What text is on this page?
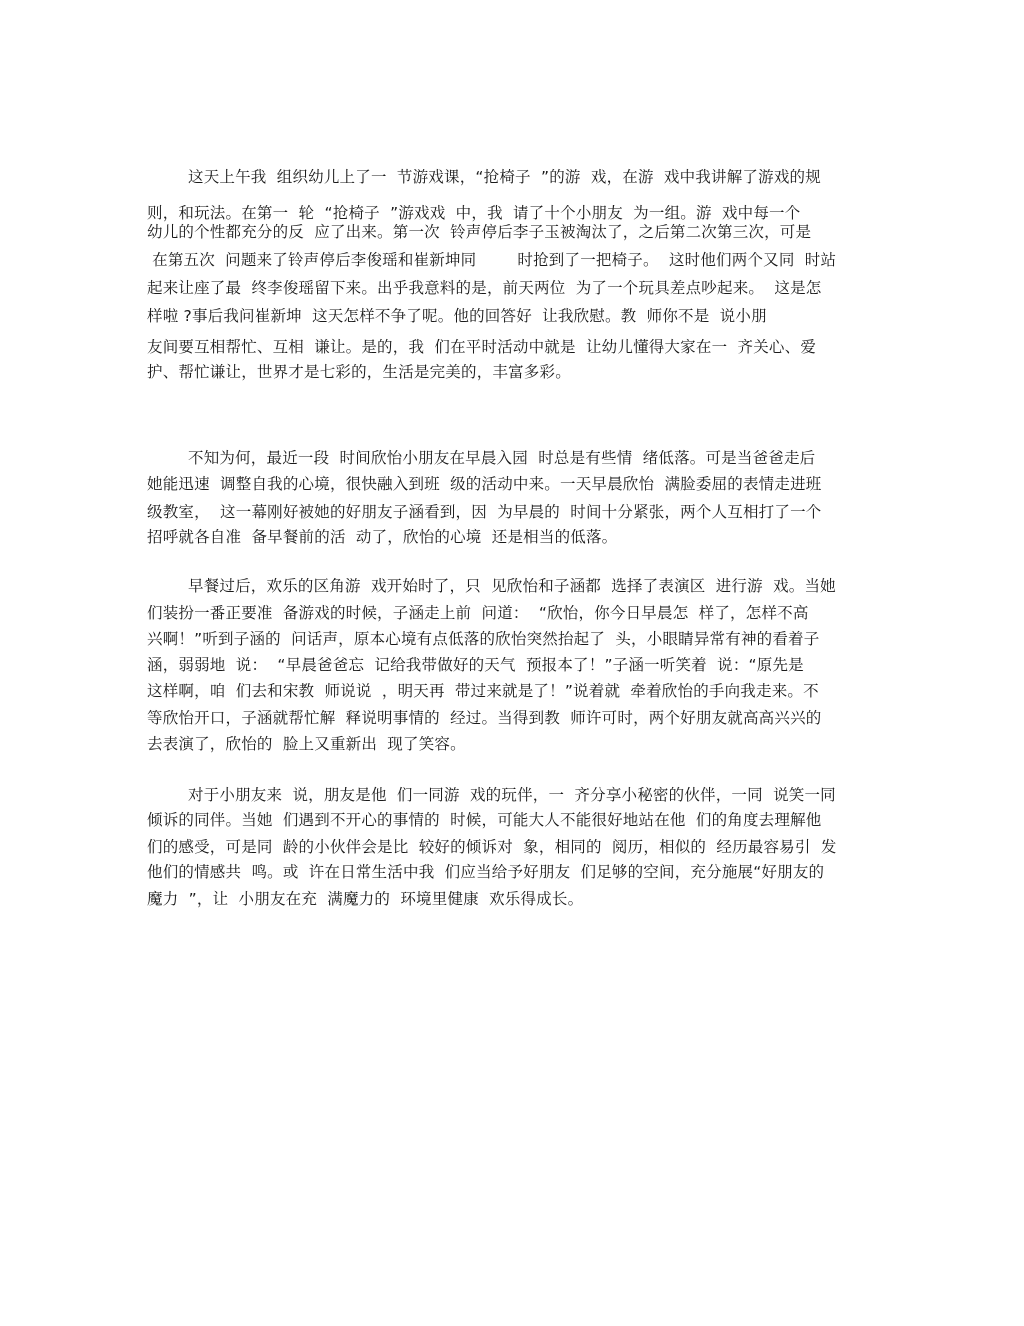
这天上午我  组织幼儿上了一  节游戏课，“抢椅子  ”的游  戏，在游  戏中我讲解了游戏的规
则，和玩法。在第一  轮  “抢椅子  ”游戏戏  中，我  请了十个小朋友  为一组。游  戏中每一个
幼儿的个性都充分的反  应了出来。第一次  铃声停后李子玉被淘汰了，之后第二次第三次，可是
在第五次  问题来了铃声停后李俊瑶和崔新坤同        时抢到了一把椅子。  这时他们两个又同  时站
起来让座了最  终李俊瑶留下来。出乎我意料的是，前天两位  为了一个玩具差点吵起来。  这是怎
样啦 ?事后我问崔新坤  这天怎样不争了呢。他的回答好  让我欣慰。教  师你不是  说小朋
友间要互相帮忙、互相  谦让。是的，我  们在平时活动中就是  让幼儿懂得大家在一  齐关心、爱
护、帮忙谦让，世界才是七彩的，生活是完美的，丰富多彩。
不知为何，最近一段  时间欣怡小朋友在早晨入园  时总是有些情  绪低落。可是当爸爸走后
她能迅速  调整自我的心境，很快融入到班  级的活动中来。一天早晨欣怡  满脸委屈的表情走进班
级教室，  这一幕刚好被她的好朋友子涵看到，因  为早晨的  时间十分紧张，两个人互相打了一个
招呼就各自准  备早餐前的活  动了，欣怡的心境  还是相当的低落。
早餐过后，欢乐的区角游  戏开始时了，只  见欣怡和子涵都  选择了表演区  进行游  戏。当她
们装扮一番正要准  备游戏的时候，子涵走上前  问道：  “欣怡，你今日早晨怎  样了，怎样不高
兴啊！”听到子涵的  问话声，原本心境有点低落的欣怡突然抬起了  头，小眼睛异常有神的看着子
涵，弱弱地  说：  “早晨爸爸忘  记给我带做好的天气  预报本了！”子涵一听笑着  说：“原先是
这样啊，咱  们去和宋教  师说说  ，明天再  带过来就是了！”说着就  牵着欣怡的手向我走来。不
等欣怡开口，子涵就帮忙解  释说明事情的  经过。当得到教  师许可时，两个好朋友就高高兴兴的
去表演了，欣怡的  脸上又重新出  现了笑容。
对于小朋友来  说，朋友是他  们一同游  戏的玩伴，一  齐分享小秘密的伙伴，一同  说笑一同
倾诉的同伴。当她  们遇到不开心的事情的  时候，可能大人不能很好地站在他  们的角度去理解他
们的感受，可是同  龄的小伙伴会是比  较好的倾诉对  象，相同的  阅历，相似的  经历最容易引  发
他们的情感共  鸣。或  许在日常生活中我  们应当给予好朋友  们足够的空间，充分施展“好朋友的
魔力  ”，让  小朋友在充  满魔力的  环境里健康  欢乐得成长。
